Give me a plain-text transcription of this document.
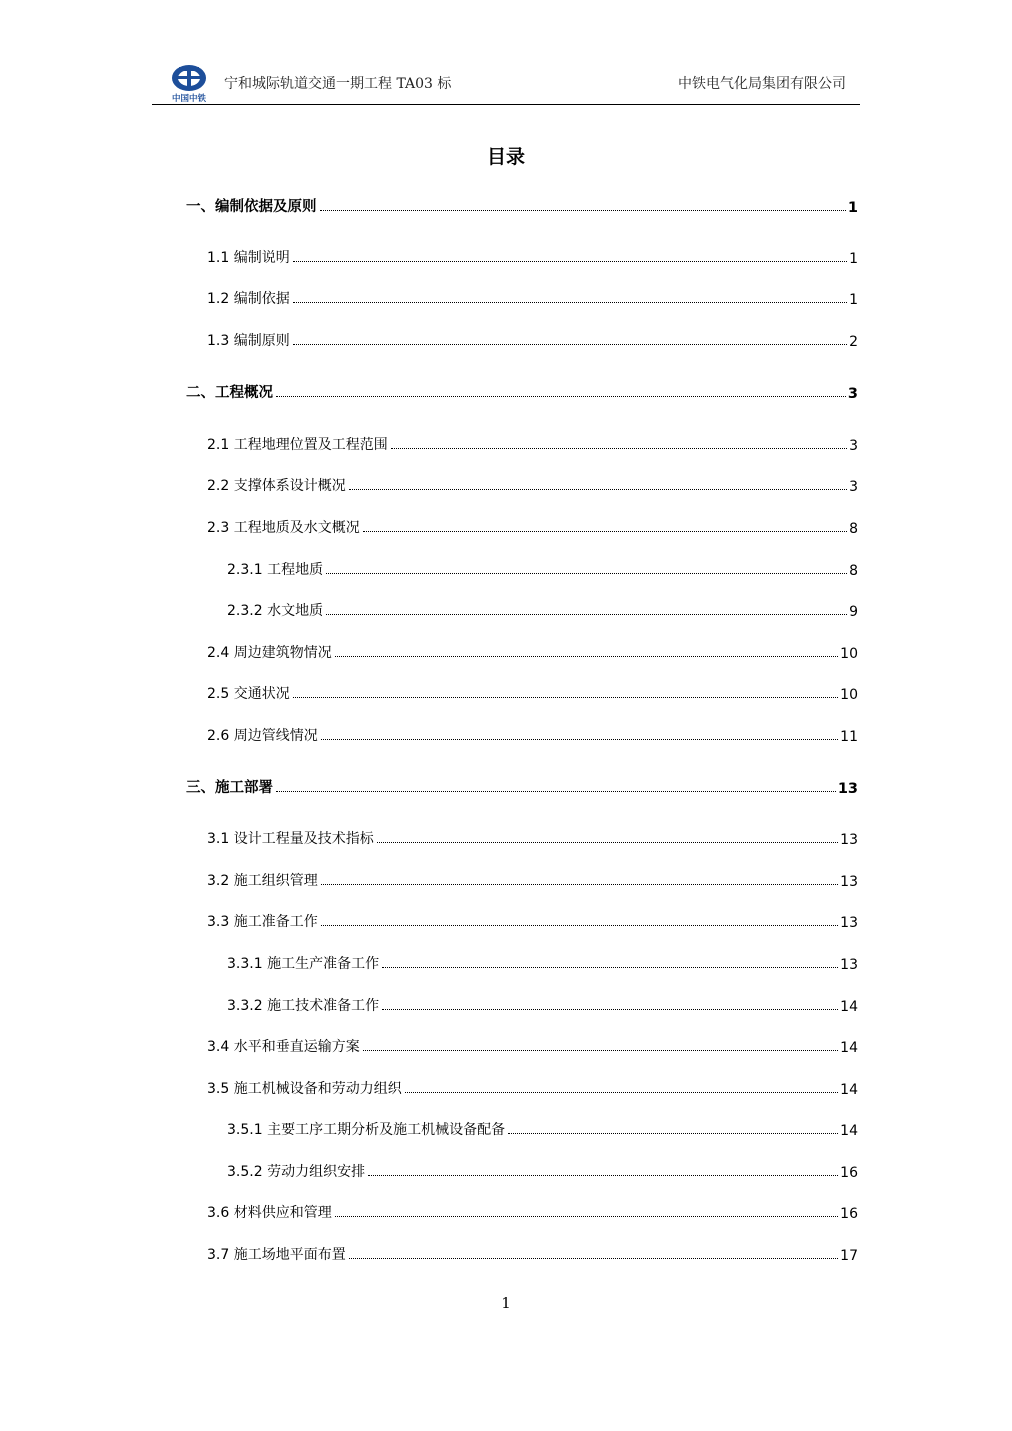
中国中铁
宁和城际轨道交通一期工程 TA03 标	中铁电气化局集团有限公司
目录
一、编制依据及原则	1
1.1 编制说明	1
1.2 编制依据	1
1.3 编制原则	2
二、工程概况	3
2.1 工程地理位置及工程范围	3
2.2 支撑体系设计概况	3
2.3 工程地质及水文概况	8
2.3.1 工程地质	8
2.3.2 水文地质	9
2.4 周边建筑物情况	10
2.5 交通状况	10
2.6 周边管线情况	11
三、施工部署	13
3.1 设计工程量及技术指标	13
3.2 施工组织管理	13
3.3 施工准备工作	13
3.3.1 施工生产准备工作	13
3.3.2 施工技术准备工作	14
3.4 水平和垂直运输方案	14
3.5 施工机械设备和劳动力组织	14
3.5.1 主要工序工期分析及施工机械设备配备	14
3.5.2 劳动力组织安排	16
3.6 材料供应和管理	16
3.7 施工场地平面布置	17
1
